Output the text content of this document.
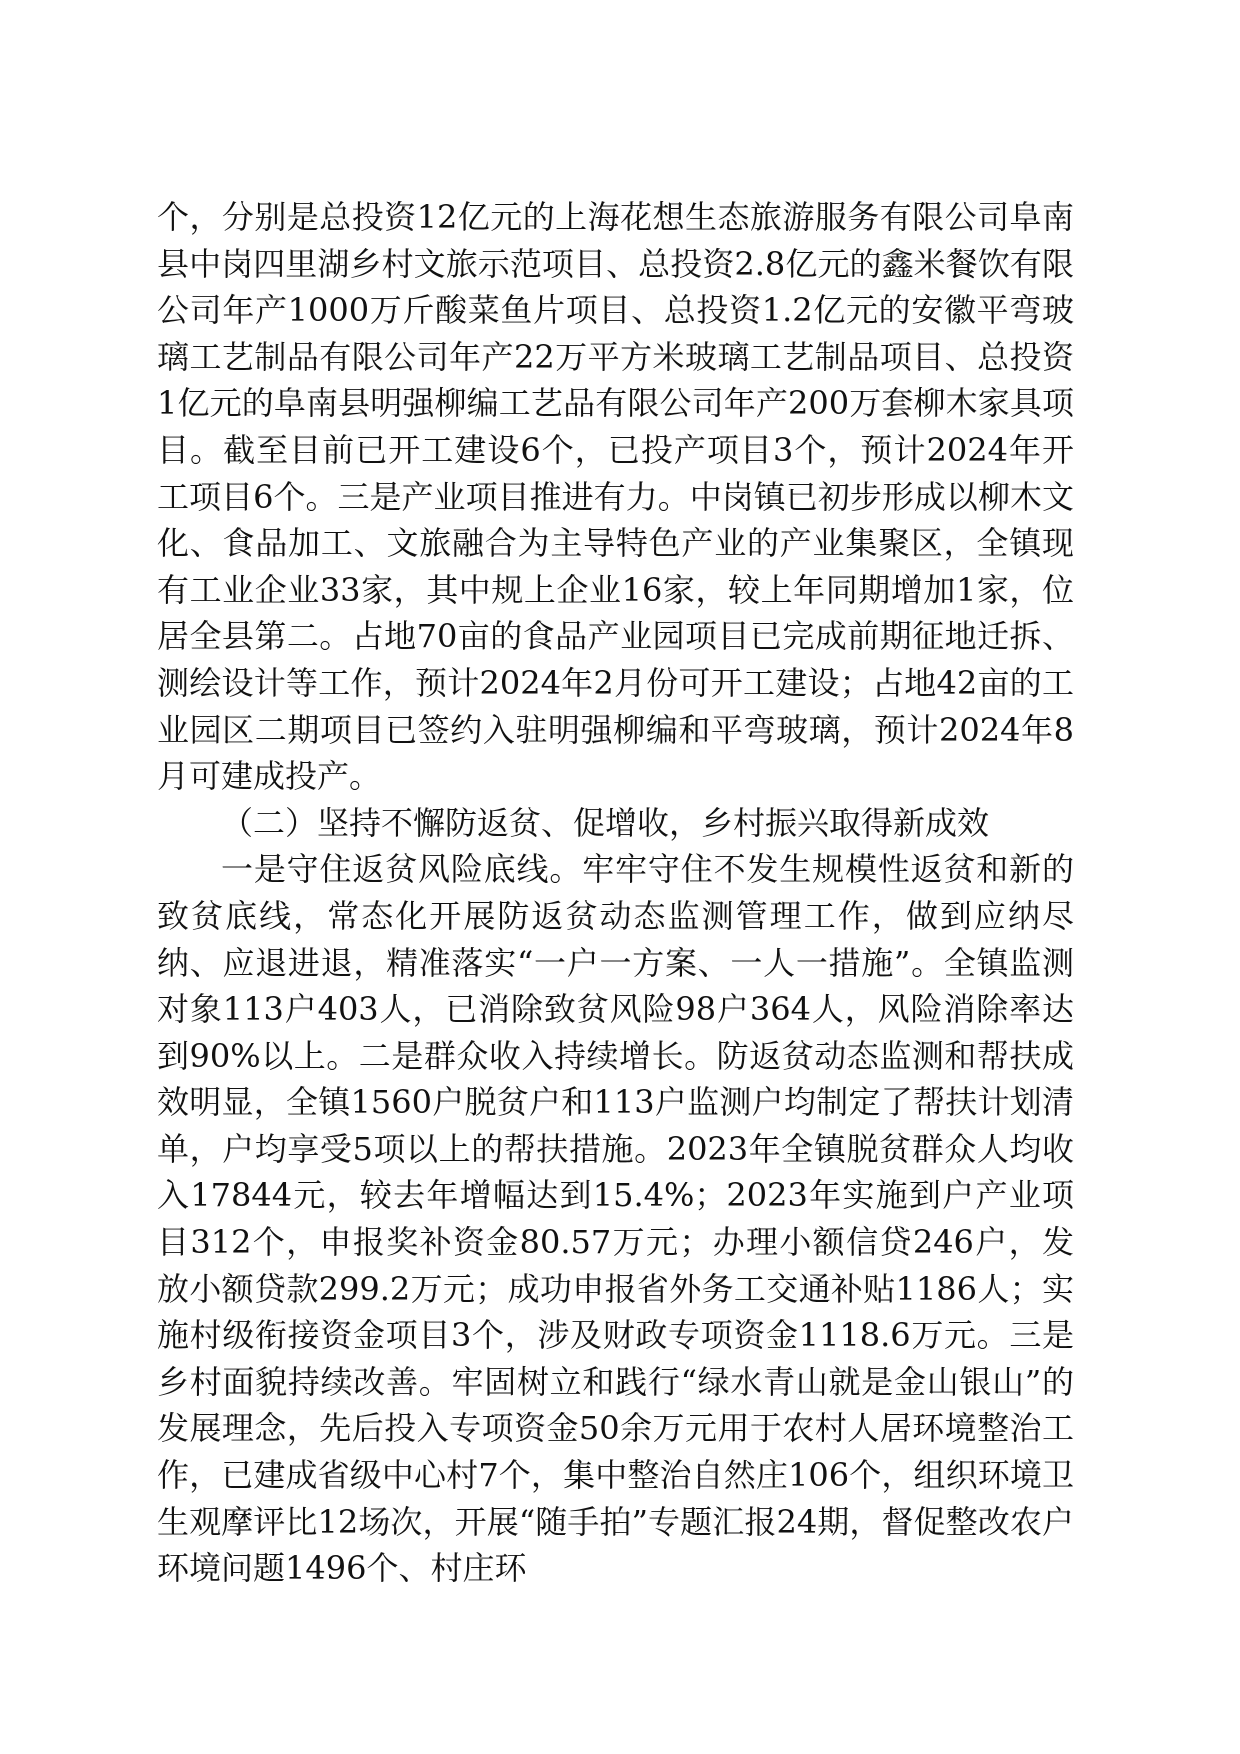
个，分别是总投资12亿元的上海花想生态旅游服务有限公司阜南县中岗四里湖乡村文旅示范项目、总投资2.8亿元的鑫米餐饮有限公司年产1000万斤酸菜鱼片项目、总投资1.2亿元的安徽平弯玻璃工艺制品有限公司年产22万平方米玻璃工艺制品项目、总投资1亿元的阜南县明强柳编工艺品有限公司年产200万套柳木家具项目。截至目前已开工建设6个，已投产项目3个，预计2024年开工项目6个。三是产业项目推进有力。中岗镇已初步形成以柳木文化、食品加工、文旅融合为主导特色产业的产业集聚区，全镇现有工业企业33家，其中规上企业16家，较上年同期增加1家，位居全县第二。占地70亩的食品产业园项目已完成前期征地迁拆、测绘设计等工作，预计2024年2月份可开工建设；占地42亩的工业园区二期项目已签约入驻明强柳编和平弯玻璃，预计2024年8月可建成投产。

（二）坚持不懈防返贫、促增收，乡村振兴取得新成效

一是守住返贫风险底线。牢牢守住不发生规模性返贫和新的致贫底线，常态化开展防返贫动态监测管理工作，做到应纳尽纳、应退进退，精准落实“一户一方案、一人一措施”。全镇监测对象113户403人，已消除致贫风险98户364人，风险消除率达到90%以上。二是群众收入持续增长。防返贫动态监测和帮扶成效明显，全镇1560户脱贫户和113户监测户均制定了帮扶计划清单，户均享受5项以上的帮扶措施。2023年全镇脱贫群众人均收入17844元，较去年增幅达到15.4%；2023年实施到户产业项目312个，申报奖补资金80.57万元；办理小额信贷246户，发放小额贷款299.2万元；成功申报省外务工交通补贴1186人；实施村级衔接资金项目3个，涉及财政专项资金1118.6万元。三是乡村面貌持续改善。牢固树立和践行“绿水青山就是金山银山”的发展理念，先后投入专项资金50余万元用于农村人居环境整治工作，已建成省级中心村7个，集中整治自然庄106个，组织环境卫生观摩评比12场次，开展“随手拍”专题汇报24期，督促整改农户环境问题1496个、村庄环
